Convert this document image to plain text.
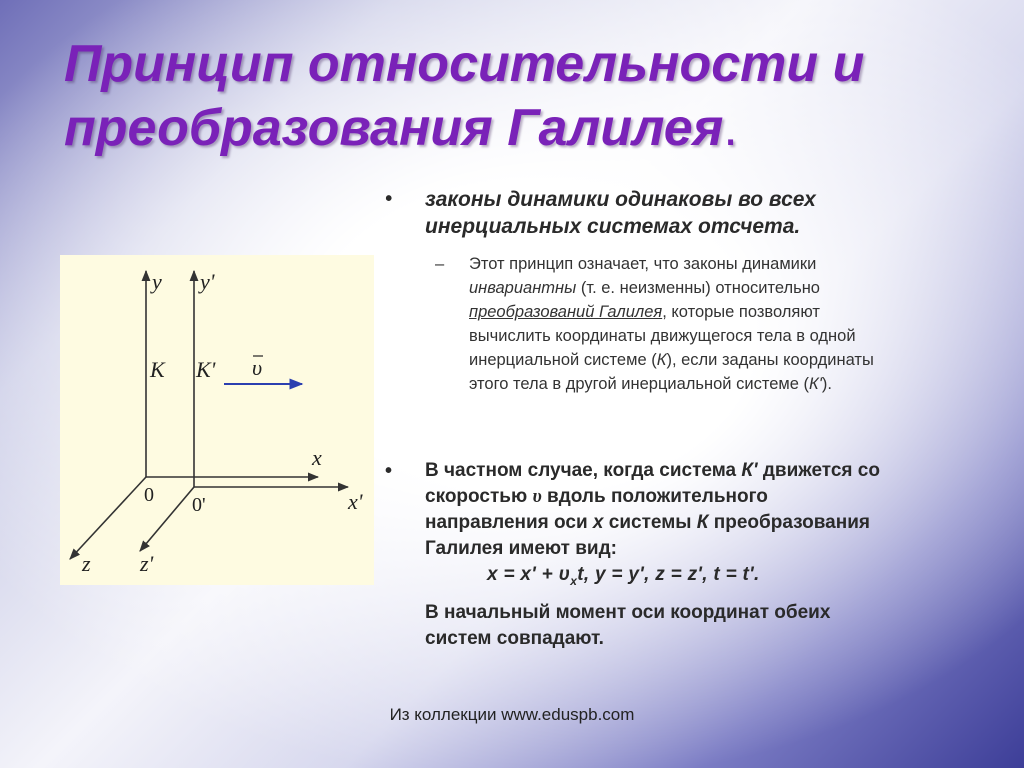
Принцип относительности и
преобразования Галилея.
y y'
K K' υ
x
x'
0 0'
z z'
• законы динамики одинаковы во всех
инерциальных системах отсчета.
– Этот принцип означает, что законы динамики
инвариантны (т. е. неизменны) относительно
преобразований Галилея, которые позволяют
вычислить координаты движущегося тела в одной
инерциальной системе (К), если заданы координаты
этого тела в другой инерциальной системе (К').
• В частном случае, когда система К' движется со
скоростью υ вдоль положительного
направления оси x системы К преобразования
Галилея имеют вид:
$x = x' + \upsilon_xt$, y = y', z = z', t = t'.
В начальный момент оси координат обеих
систем совпадают.
Из коллекции www.eduspb.com
